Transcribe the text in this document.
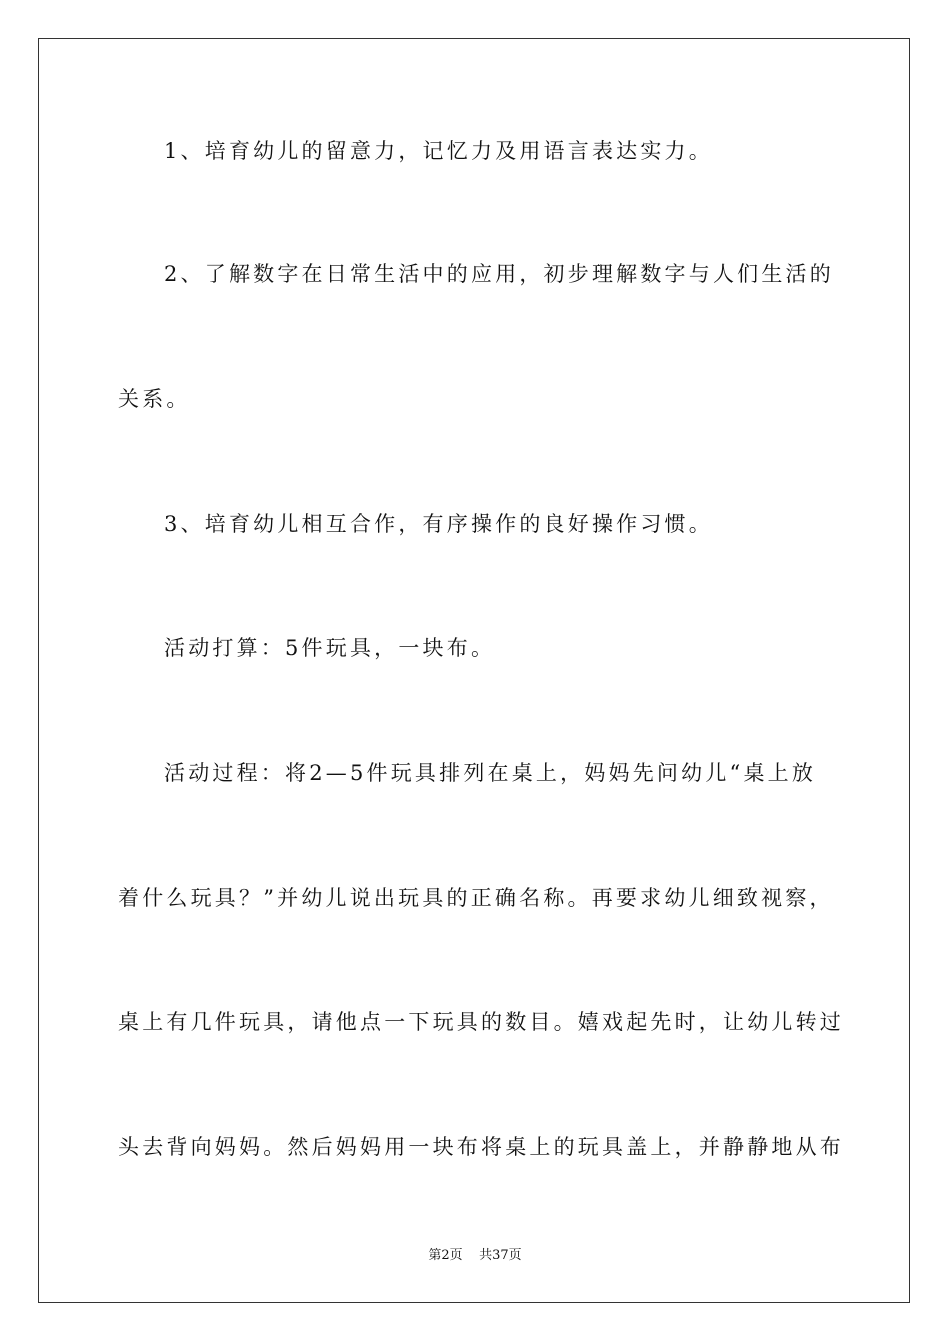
1、培育幼儿的留意力，记忆力及用语言表达实力。
2、了解数字在日常生活中的应用，初步理解数字与人们生活的
关系。
3、培育幼儿相互合作，有序操作的良好操作习惯。
活动打算：5件玩具，一块布。
活动过程：将2—5件玩具排列在桌上，妈妈先问幼儿“桌上放
着什么玩具？”并幼儿说出玩具的正确名称。再要求幼儿细致视察，
桌上有几件玩具，请他点一下玩具的数目。嬉戏起先时，让幼儿转过
头去背向妈妈。然后妈妈用一块布将桌上的玩具盖上，并静静地从布
第2页 共37页
